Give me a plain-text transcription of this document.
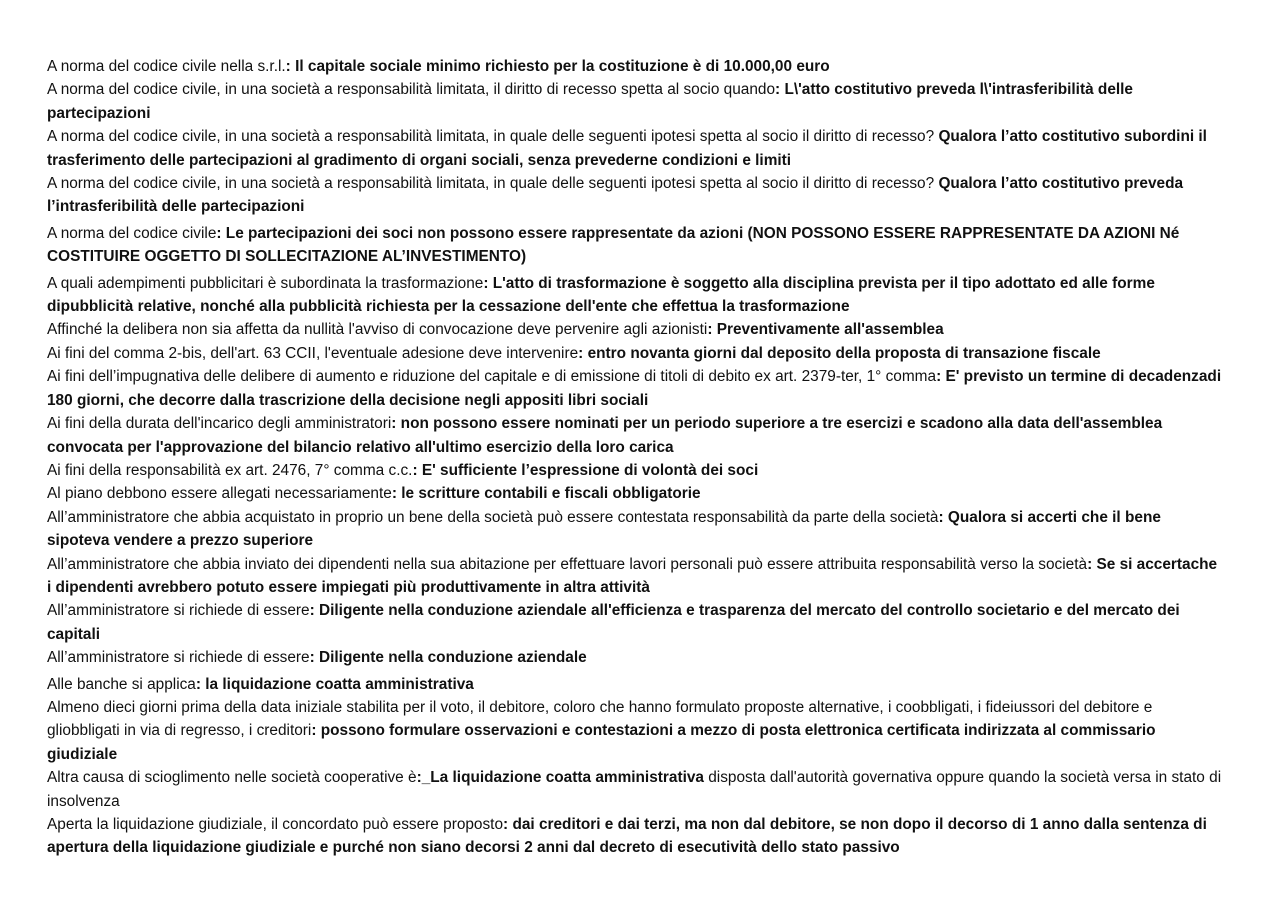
A norma del codice civile nella s.r.l.: Il capitale sociale minimo richiesto per la costituzione è di 10.000,00 euro

A norma del codice civile, in una società a responsabilità limitata, il diritto di recesso spetta al socio quando: L\'atto costitutivo preveda l\'intrasferibilità delle partecipazioni

A norma del codice civile, in una società a responsabilità limitata, in quale delle seguenti ipotesi spetta al socio il diritto di recesso? Qualora l’atto costitutivo subordini il trasferimento delle partecipazioni al gradimento di organi sociali, senza prevederne condizioni e limiti

A norma del codice civile, in una società a responsabilità limitata, in quale delle seguenti ipotesi spetta al socio il diritto di recesso? Qualora l’atto costitutivo preveda l’intrasferibilità delle partecipazioni

A norma del codice civile: Le partecipazioni dei soci non possono essere rappresentate da azioni (NON POSSONO ESSERE RAPPRESENTATE DA AZIONI Né COSTITUIRE OGGETTO DI SOLLECITAZIONE AL’INVESTIMENTO)

A quali adempimenti pubblicitari è subordinata la trasformazione: L'atto di trasformazione è soggetto alla disciplina prevista per il tipo adottato ed alle forme dipubblicità relative, nonché alla pubblicità richiesta per la cessazione dell'ente che effettua la trasformazione

Affinché la delibera non sia affetta da nullità l'avviso di convocazione deve pervenire agli azionisti: Preventivamente all'assemblea

Ai fini del comma 2-bis, dell'art. 63 CCII, l'eventuale adesione deve intervenire: entro novanta giorni dal deposito della proposta di transazione fiscale

Ai fini dell’impugnativa delle delibere di aumento e riduzione del capitale e di emissione di titoli di debito ex art. 2379-ter, 1° comma: E' previsto un termine di decadenzadi 180 giorni, che decorre dalla trascrizione della decisione negli appositi libri sociali

Ai fini della durata dell'incarico degli amministratori: non possono essere nominati per un periodo superiore a tre esercizi e scadono alla data dell'assemblea convocata per l'approvazione del bilancio relativo all'ultimo esercizio della loro carica

Ai fini della responsabilità ex art. 2476, 7° comma c.c.: E' sufficiente l’espressione di volontà dei soci

Al piano debbono essere allegati necessariamente: le scritture contabili e fiscali obbligatorie

All’amministratore che abbia acquistato in proprio un bene della società può essere contestata responsabilità da parte della società: Qualora si accerti che il bene sipoteva vendere a prezzo superiore

All’amministratore che abbia inviato dei dipendenti nella sua abitazione per effettuare lavori personali può essere attribuita responsabilità verso la società: Se si accertache i dipendenti avrebbero potuto essere impiegati più produttivamente in altra attività

All’amministratore si richiede di essere: Diligente nella conduzione aziendale all'efficienza e trasparenza del mercato del controllo societario e del mercato dei capitali

All’amministratore si richiede di essere: Diligente nella conduzione aziendale

Alle banche si applica: la liquidazione coatta amministrativa

Almeno dieci giorni prima della data iniziale stabilita per il voto, il debitore, coloro che hanno formulato proposte alternative, i coobbligati, i fideiussori del debitore e gliobbligati in via di regresso, i creditori: possono formulare osservazioni e contestazioni a mezzo di posta elettronica certificata indirizzata al commissario giudiziale

Altra causa di scioglimento nelle società cooperative è:_La liquidazione coatta amministrativa disposta dall'autorità governativa oppure quando la società versa in stato di insolvenza

Aperta la liquidazione giudiziale, il concordato può essere proposto: dai creditori e dai terzi, ma non dal debitore, se non dopo il decorso di 1 anno dalla sentenza di apertura della liquidazione giudiziale e purché non siano decorsi 2 anni dal decreto di esecutività dello stato passivo
